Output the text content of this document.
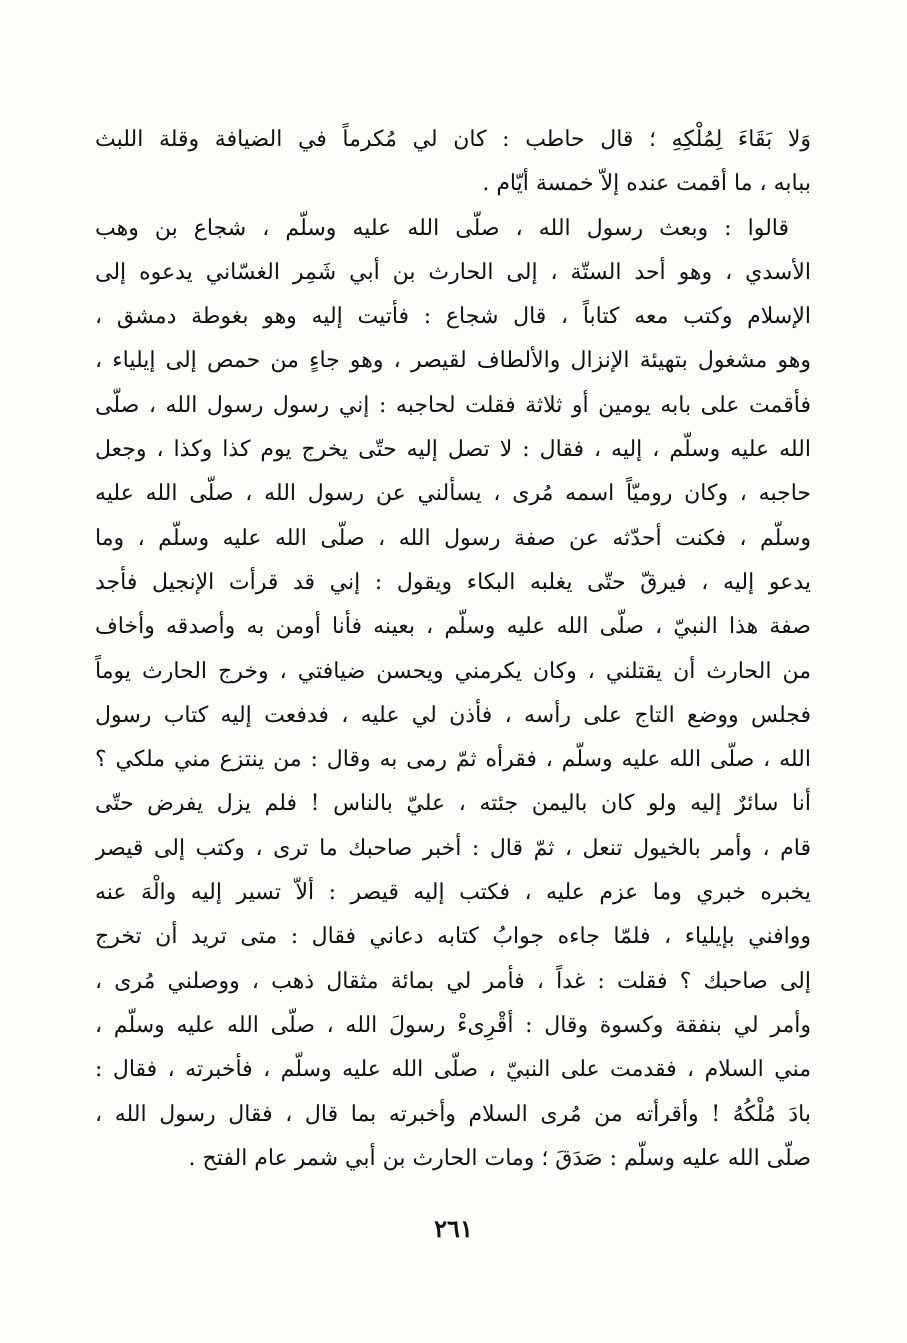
وَلا بَقَاءَ لِمُلْكِهِ ؛ قال حاطب : كان لي مُكرماً في الضيافة وقلة اللبث
ببابه ، ما أقمت عنده إلاّ خمسة أيّام .
قالوا : وبعث رسول الله ، صلّى الله عليه وسلّم ، شجاع بن وهب
الأسدي ، وهو أحد الستّة ، إلى الحارث بن أبي شَمِر الغسّاني يدعوه إلى
الإسلام وكتب معه كتاباً ، قال شجاع : فأتيت إليه وهو بغوطة دمشق ،
وهو مشغول بتهيئة الإنزال والألطاف لقيصر ، وهو جاءٍ من حمص إلى إيلياء ،
فأقمت على بابه يومين أو ثلاثة فقلت لحاجبه : إني رسول رسول الله ، صلّى
الله عليه وسلّم ، إليه ، فقال : لا تصل إليه حتّى يخرج يوم كذا وكذا ، وجعل
حاجبه ، وكان روميّاً اسمه مُرى ، يسألني عن رسول الله ، صلّى الله عليه
وسلّم ، فكنت أحدّثه عن صفة رسول الله ، صلّى الله عليه وسلّم ، وما
يدعو إليه ، فيرقّ حتّى يغلبه البكاء ويقول : إني قد قرأت الإنجيل فأجد
صفة هذا النبيّ ، صلّى الله عليه وسلّم ، بعينه فأنا أومن به وأصدقه وأخاف
من الحارث أن يقتلني ، وكان يكرمني ويحسن ضيافتي ، وخرج الحارث يوماً
فجلس ووضع التاج على رأسه ، فأذن لي عليه ، فدفعت إليه كتاب رسول
الله ، صلّى الله عليه وسلّم ، فقرأه ثمّ رمى به وقال : من ينتزع مني ملكي ؟
أنا سائرٌ إليه ولو كان باليمن جئته ، عليّ بالناس ! فلم يزل يفرض حتّى
قام ، وأمر بالخيول تنعل ، ثمّ قال : أخبر صاحبك ما ترى ، وكتب إلى قيصر
يخبره خبري وما عزم عليه ، فكتب إليه قيصر : ألاّ تسير إليه والْهَ عنه
ووافني بإيلياء ، فلمّا جاءه جوابُ كتابه دعاني فقال : متى تريد أن تخرج
إلى صاحبك ؟ فقلت : غداً ، فأمر لي بمائة مثقال ذهب ، ووصلني مُرى ،
وأمر لي بنفقة وكسوة وقال : أقْرِىءْ رسولَ الله ، صلّى الله عليه وسلّم ،
مني السلام ، فقدمت على النبيّ ، صلّى الله عليه وسلّم ، فأخبرته ، فقال :
بادَ مُلْكُهُ ! وأقرأته من مُرى السلام وأخبرته بما قال ، فقال رسول الله ،
صلّى الله عليه وسلّم : صَدَقَ ؛ ومات الحارث بن أبي شمر عام الفتح .
٢٦١
